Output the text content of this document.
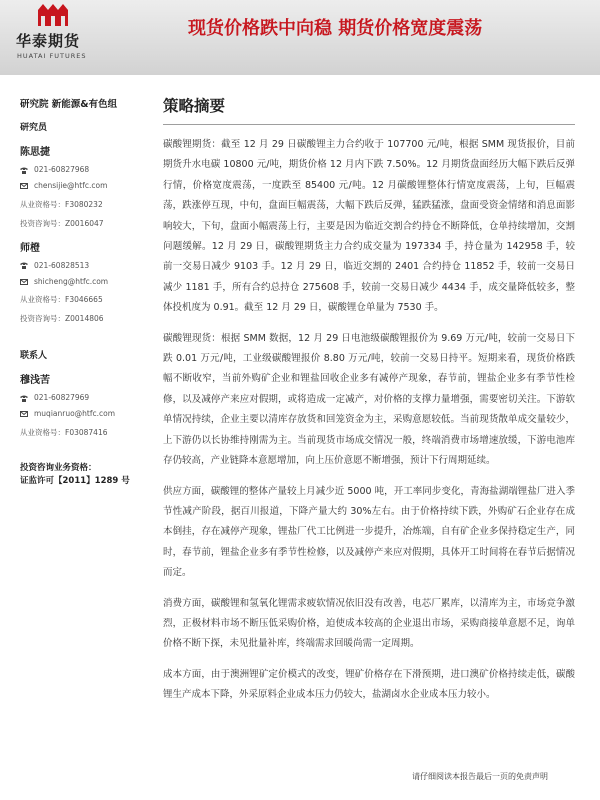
华泰期货
HUATAI FUTURES
现货价格跌中向稳 期货价格宽度震荡
研究院 新能源&有色组
研究员
陈思捷
021-60827968
chensijie@htfc.com
从业资格号：F3080232
投资咨询号：Z0016047
师橙
021-60828513
shicheng@htfc.com
从业资格号：F3046665
投资咨询号：Z0014806
联系人
穆浅苦
021-60827969
muqianruo@htfc.com
从业资格号：F03087416
投资咨询业务资格：
证监许可【2011】1289 号
策略摘要

碳酸锂期货：截至 12 月 29 日碳酸锂主力合约收于 107700 元/吨，根据 SMM 现货报价，目前期货升水电碳 10800 元/吨，期货价格 12 月内下跌 7.50%。12 月期货盘面经历大幅下跌后反弹行情，价格宽度震荡，一度跌至 85400 元/吨。12 月碳酸锂整体行情宽度震荡，上旬，巨幅震荡，跌涨停互现，中旬，盘面巨幅震荡，大幅下跌后反弹，猛跌猛涨，盘面受资金情绪和消息面影响较大，下旬，盘面小幅震荡上行，主要是因为临近交割合约持仓不断降低，仓单持续增加，交割问题缓解。12 月 29 日，碳酸锂期货主力合约成交量为 197334 手，持仓量为 142958 手，较前一交易日减少 9103 手。12 月 29 日，临近交割的 2401 合约持仓 11852 手，较前一交易日减少 1181 手，所有合约总持仓 275608 手，较前一交易日减少 4434 手，成交量降低较多，整体投机度为 0.91。截至 12 月 29 日，碳酸锂仓单量为 7530 手。

碳酸锂现货：根据 SMM 数据，12 月 29 日电池级碳酸锂报价为 9.69 万元/吨，较前一交易日下跌 0.01 万元/吨，工业级碳酸锂报价 8.80 万元/吨，较前一交易日持平。短期来看，现货价格跌幅不断收窄，当前外购矿企业和锂盐回收企业多有减停产现象，春节前，锂盐企业多有季节性检修，以及减停产来应对假期，或将造成一定减产，对价格的支撑力量增强，需要密切关注。下游软单情况持续，企业主要以清库存放货和回笼资金为主，采购意愿较低。当前现货散单成交量较少，上下游仍以长协维持刚需为主。当前现货市场成交情况一般，终端消费市场增速放缓，下游电池库存仍较高，产业链降本意愿增加，向上压价意愿不断增强，预计下行周期延续。

供应方面，碳酸锂的整体产量较上月减少近 5000 吨，开工率同步变化，青海盐湖端锂盐厂进入季节性减产阶段，据百川报道，下降产量大约 30%左右。由于价格持续下跌，外购矿石企业存在成本倒挂，存在减停产现象，锂盐厂代工比例进一步提升，冶炼端，自有矿企业多保持稳定生产，同时，春节前，锂盐企业多有季节性检修，以及减停产来应对假期，具体开工时间将在春节后据情况而定。

消费方面，碳酸锂和氢氧化锂需求疲软情况依旧没有改善，电芯厂累库，以清库为主，市场竞争激烈，正极材料市场不断压低采购价格，迫使成本较高的企业退出市场，采购商接单意愿不足，询单价格不断下探，未见批量补库，终端需求回暖尚需一定周期。

成本方面，由于澳洲锂矿定价模式的改变，锂矿价格存在下滑预期，进口澳矿价格持续走低，碳酸锂生产成本下降，外采原料企业成本压力仍较大，盐湖卤水企业成本压力较小。

请仔细阅读本报告最后一页的免责声明
